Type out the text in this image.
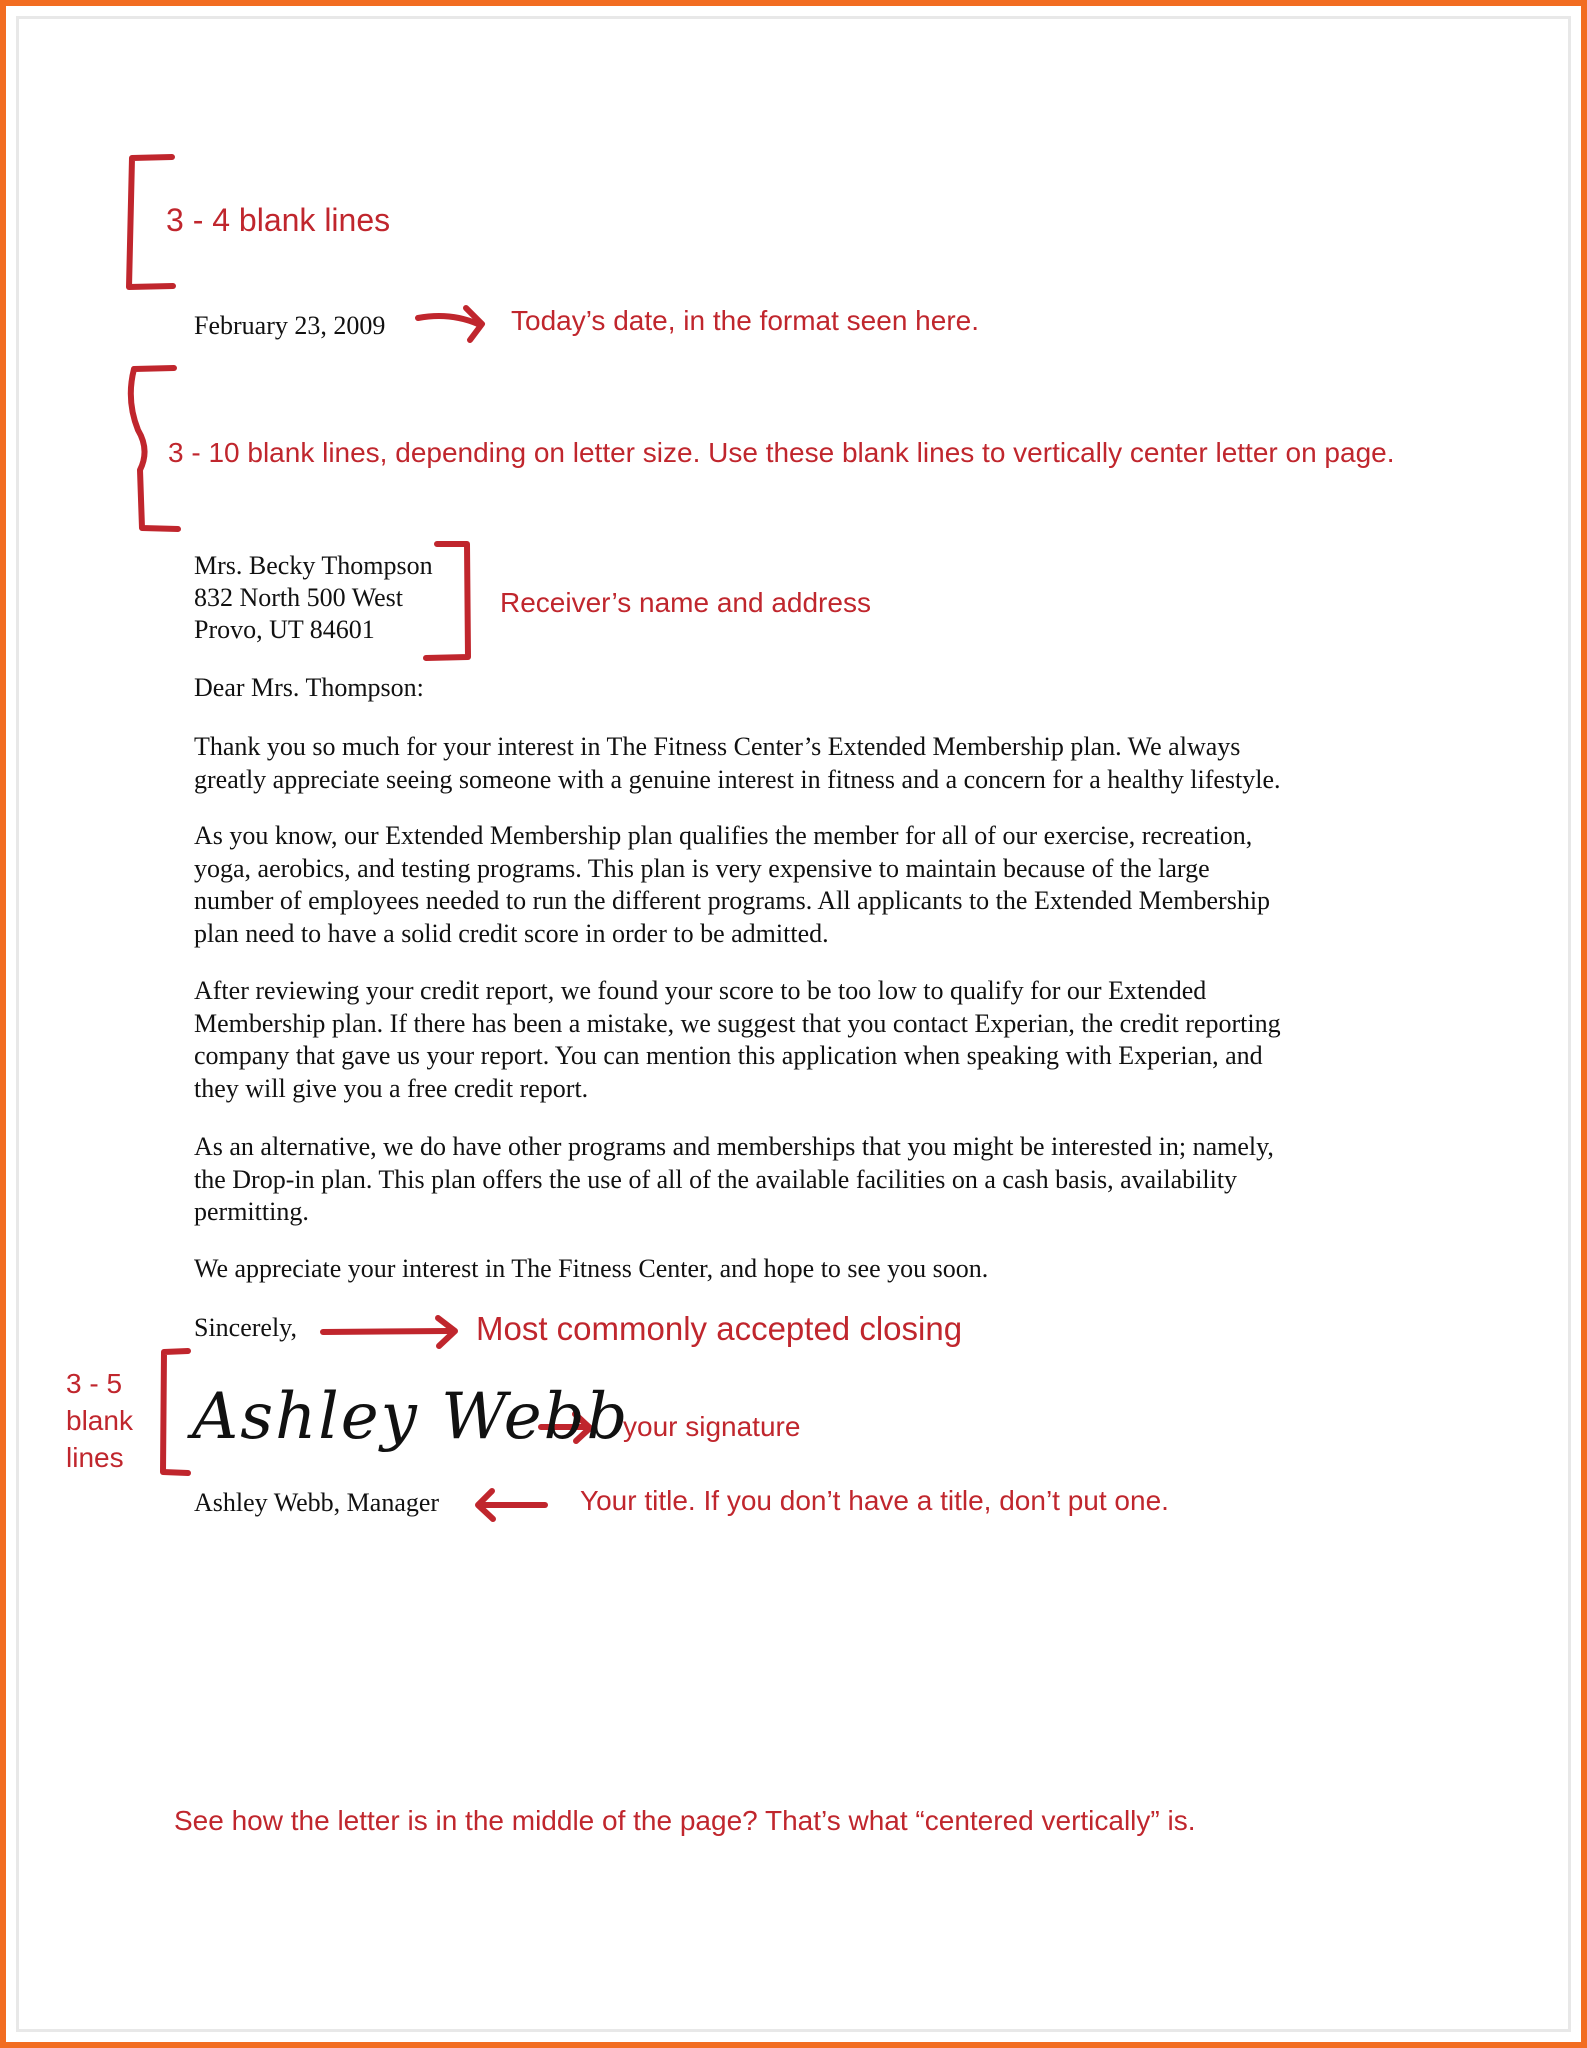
3 - 4 blank lines
Today’s date, in the format seen here.
3 - 10 blank lines, depending on letter size. Use these blank lines to vertically center letter on page.
Receiver’s name and address
Most commonly accepted closing
3 - 5
blank
lines
your signature
Your title. If you don’t have a title, don’t put one.
See how the letter is in the middle of the page? That’s what “centered vertically” is.
February 23, 2009
Mrs. Becky Thompson
832 North 500 West
Provo, UT 84601
Dear Mrs. Thompson:
Thank you so much for your interest in The Fitness Center’s Extended Membership plan. We always
greatly appreciate seeing someone with a genuine interest in fitness and a concern for a healthy lifestyle.
As you know, our Extended Membership plan qualifies the member for all of our exercise, recreation,
yoga, aerobics, and testing programs. This plan is very expensive to maintain because of the large
number of employees needed to run the different programs. All applicants to the Extended Membership
plan need to have a solid credit score in order to be admitted.
After reviewing your credit report, we found your score to be too low to qualify for our Extended
Membership plan. If there has been a mistake, we suggest that you contact Experian, the credit reporting
company that gave us your report. You can mention this application when speaking with Experian, and
they will give you a free credit report.
As an alternative, we do have other programs and memberships that you might be interested in; namely,
the Drop-in plan. This plan offers the use of all of the available facilities on a cash basis, availability
permitting.
We appreciate your interest in The Fitness Center, and hope to see you soon.
Sincerely,
Ashley Webb
Ashley Webb, Manager
